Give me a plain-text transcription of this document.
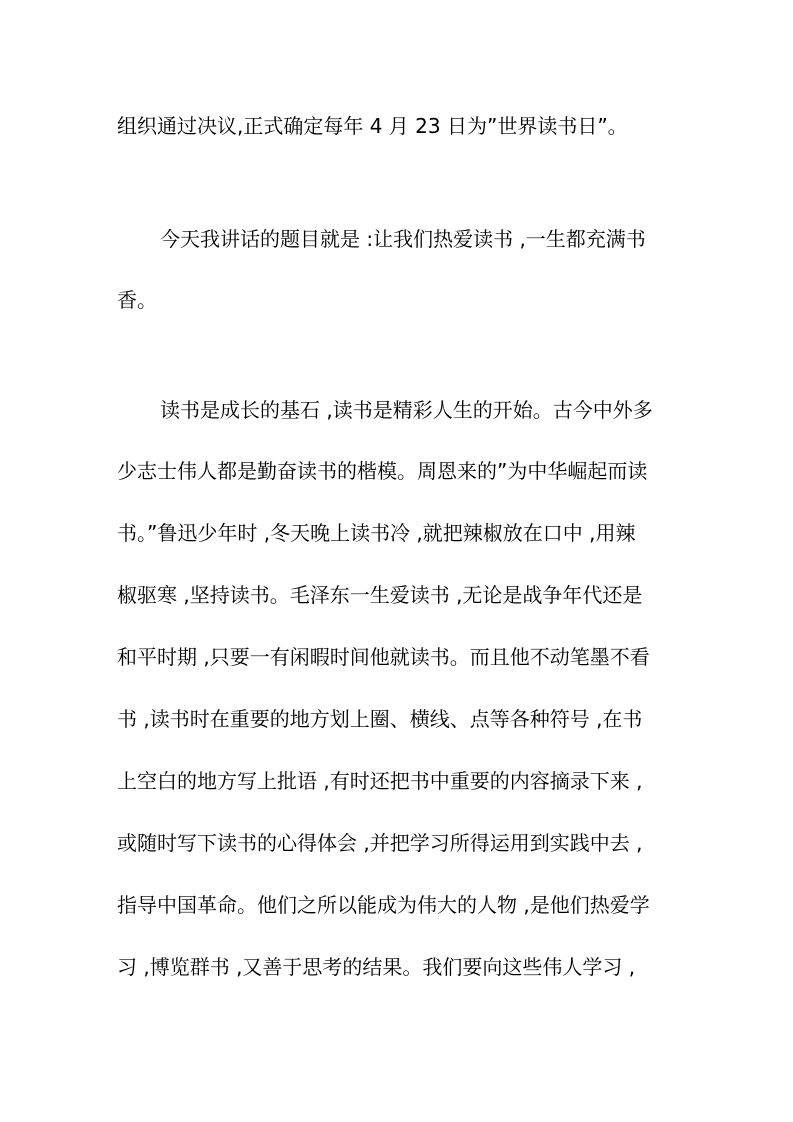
组织通过决议,正式确定每年 4 月 23 日为”世界读书日”。
今天我讲话的题目就是 :让我们热爱读书 ,一生都充满书
香。
读书是成长的基石 ,读书是精彩人生的开始。古今中外多
少志士伟人都是勤奋读书的楷模。周恩来的”为中华崛起而读
书。”鲁迅少年时 ,冬天晚上读书冷 ,就把辣椒放在口中 ,用辣
椒驱寒 ,坚持读书。毛泽东一生爱读书 ,无论是战争年代还是
和平时期 ,只要一有闲暇时间他就读书。而且他不动笔墨不看
书 ,读书时在重要的地方划上圈、横线、点等各种符号 ,在书
上空白的地方写上批语 ,有时还把书中重要的内容摘录下来 ,
或随时写下读书的心得体会 ,并把学习所得运用到实践中去 ,
指导中国革命。他们之所以能成为伟大的人物 ,是他们热爱学
习 ,博览群书 ,又善于思考的结果。我们要向这些伟人学习 ,
